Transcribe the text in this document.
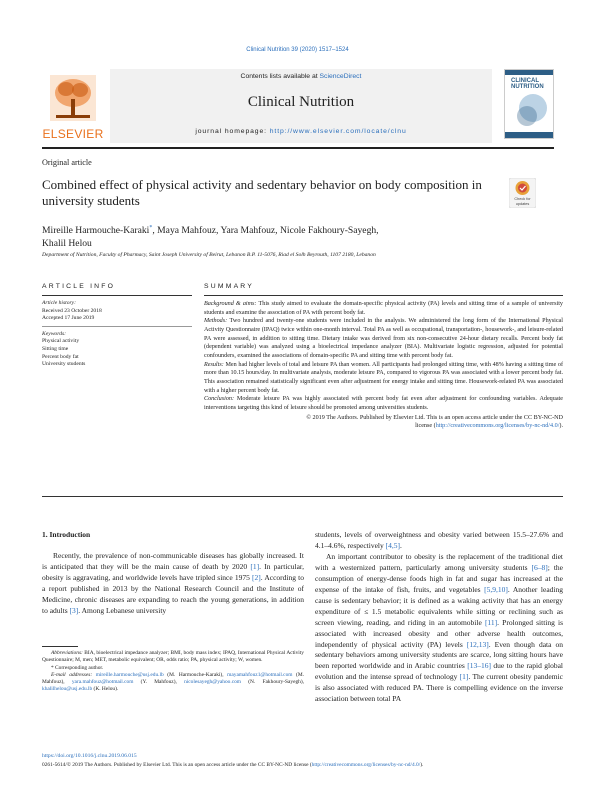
Clinical Nutrition 39 (2020) 1517–1524
ELSEVIER
Contents lists available at ScienceDirect
Clinical Nutrition
journal homepage: http://www.elsevier.com/locate/clnu
CLINICAL NUTRITION
Original article
Combined effect of physical activity and sedentary behavior on body composition in university students	Check for updates
Mireille Harmouche-Karaki*, Maya Mahfouz, Yara Mahfouz, Nicole Fakhoury-Sayegh,
Khalil Helou
Department of Nutrition, Faculty of Pharmacy, Saint Joseph University of Beirut, Lebanon B.P. 11-5076, Riad el Solh Beyrouth, 1107 2180, Lebanon
ARTICLE INFO	SUMMARY
Article history:
Received 23 October 2018
Accepted 17 June 2019
Keywords:
Physical activity
Sitting time
Percent body fat
University students

Background & aims: This study aimed to evaluate the domain-specific physical activity (PA) levels and sitting time of a sample of university students and examine the association of PA with percent body fat.

Methods: Two hundred and twenty-one students were included in the analysis. We administered the long form of the International Physical Activity Questionnaire (IPAQ) twice within one-month interval. Total PA as well as occupational, transportation-, housework-, and leisure-related PA were assessed, in addition to sitting time. Dietary intake was derived from six non-consecutive 24-hour dietary recalls. Percent body fat (dependent variable) was analyzed using a bioelectrical impedance analyzer (BIA). Multivariate logistic regression, adjusted for potential confounders, examined the associations of domain-specific PA and sitting time with percent body fat.

Results: Men had higher levels of total and leisure PA than women. All participants had prolonged sitting time, with 48% having a sitting time of more than 10.15 hours/day. In multivariate analysis, moderate leisure PA, compared to vigorous PA was associated with a lower percent body fat. This association remained statistically significant even after adjustment for energy intake and sitting time. Housework-related PA was associated with a higher percent body fat.

Conclusion: Moderate leisure PA was highly associated with percent body fat even after adjustment for confounding variables. Adequate interventions targeting this kind of leisure should be promoted among universities students.

© 2019 The Authors. Published by Elsevier Ltd. This is an open access article under the CC BY-NC-ND
license (http://creativecommons.org/licenses/by-nc-nd/4.0/).

1. Introduction

Recently, the prevalence of non-communicable diseases has globally increased. It is anticipated that they will be the main cause of death by 2020 [1]. In particular, obesity is aggravating, and worldwide levels have tripled since 1975 [2]. According to a report published in 2013 by the National Research Council and the Institute of Medicine, chronic diseases are expanding to reach the young generations, in addition to adults [3]. Among Lebanese university

students, levels of overweightness and obesity varied between 15.5–27.6% and 4.1–4.6%, respectively [4,5].

An important contributor to obesity is the replacement of the traditional diet with a westernized pattern, particularly among university students [6–8]; the consumption of energy-dense foods high in fat and sugar has increased at the expense of the intake of fish, fruits, and vegetables [5,9,10]. Another leading cause is sedentary behavior; it is defined as a waking activity that has an energy expenditure of ≤ 1.5 metabolic equivalents while sitting or reclining such as screen viewing, reading, and riding in an automobile [11]. Prolonged sitting is associated with increased obesity and other adverse health outcomes, independently of physical activity (PA) levels [12,13]. Even though data on sedentary behaviors among university students are scarce, long sitting hours have been reported worldwide and in Arabic countries [13–16] due to the rapid global evolution and the intense spread of technology [1]. The current obesity pandemic is also associated with reduced PA. There is compelling evidence on the inverse association between total PA

Abbreviations: BIA, bioelectrical impedance analyzer; BMI, body mass index; IPAQ, International Physical Activity Questionnaire; M, men; MET, metabolic equivalent; OR, odds ratio; PA, physical activity; W, women.

* Corresponding author.

E-mail addresses: mireille.harmouche@usj.edu.lb (M. Harmouche-Karaki), mayamahfouz1@hotmail.com (M. Mahfouz), yara.mahfouz@hotmail.com (Y. Mahfouz), nicolesayegh@yahoo.com (N. Fakhoury-Sayegh), khalilhelou@usj.edu.lb (K. Helou).

https://doi.org/10.1016/j.clnu.2019.06.015
0261-5614/© 2019 The Authors. Published by Elsevier Ltd. This is an open access article under the CC BY-NC-ND license (http://creativecommons.org/licenses/by-nc-nd/4.0/).
